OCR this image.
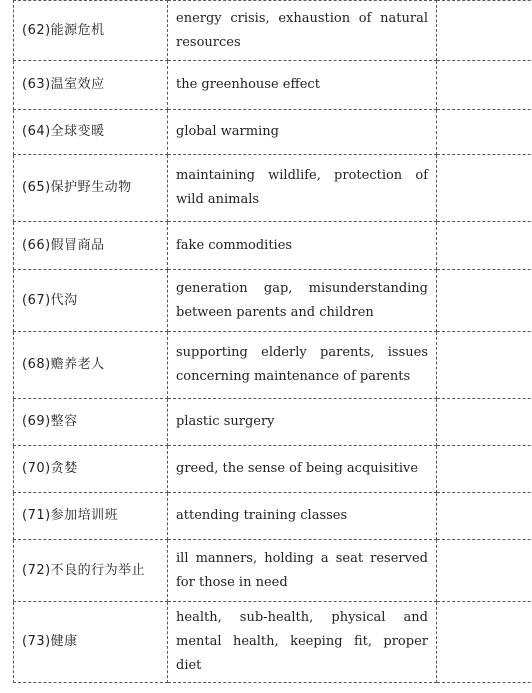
(62)能源危机	energy crisis, exhaustion of natural resources	

(63)温室效应	the greenhouse effect	

(64)全球变暖	global warming	

(65)保护野生动物	maintaining wildlife, protection of wild animals	

(66)假冒商品	fake commodities	

(67)代沟	generation gap, misunderstanding between parents and children	

(68)赡养老人	supporting elderly parents, issues concerning maintenance of parents	

(69)整容	plastic surgery	

(70)贪婪	greed, the sense of being acquisitive	

(71)参加培训班	attending training classes	

(72)不良的行为举止	ill manners, holding a seat reserved for those in need	

(73)健康	health, sub-health, physical and mental health, keeping fit, proper diet	
